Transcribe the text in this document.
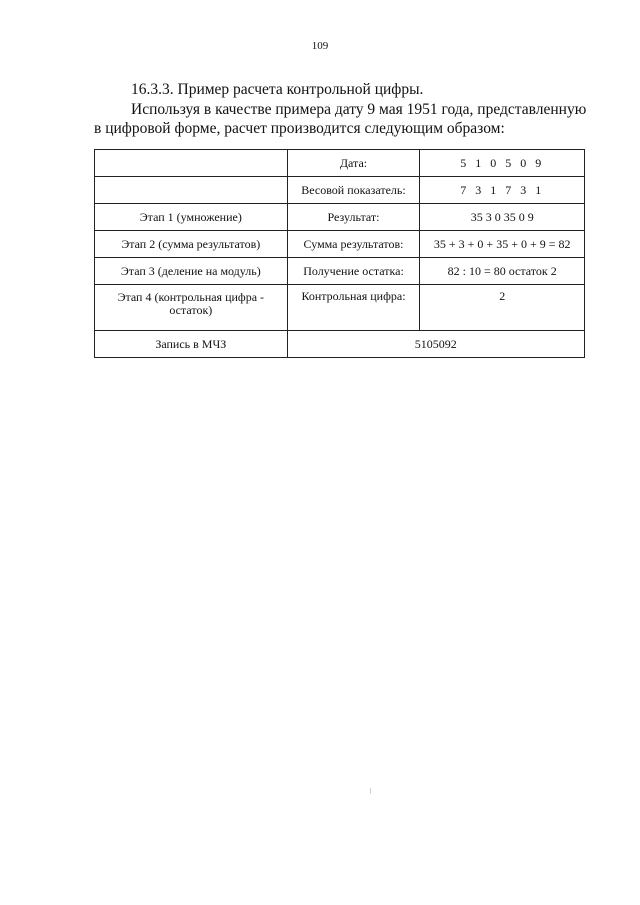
109
16.3.3. Пример расчета контрольной цифры.
Используя в качестве примера дату 9 мая 1951 года, представленную
в цифровой форме, расчет производится следующим образом:
	Дата:	5 1 0 5 0 9
	Весовой показатель:	7 3 1 7 3 1
Этап 1 (умножение)	Результат:	35 3 0 35 0 9
Этап 2 (сумма результатов)	Сумма результатов:	35 + 3 + 0 + 35 + 0 + 9 = 82
Этап 3 (деление на модуль)	Получение остатка:	82 : 10 = 80 остаток 2
Этап 4 (контрольная цифра - остаток)	Контрольная цифра:	2
Запись в МЧЗ	5105092	
